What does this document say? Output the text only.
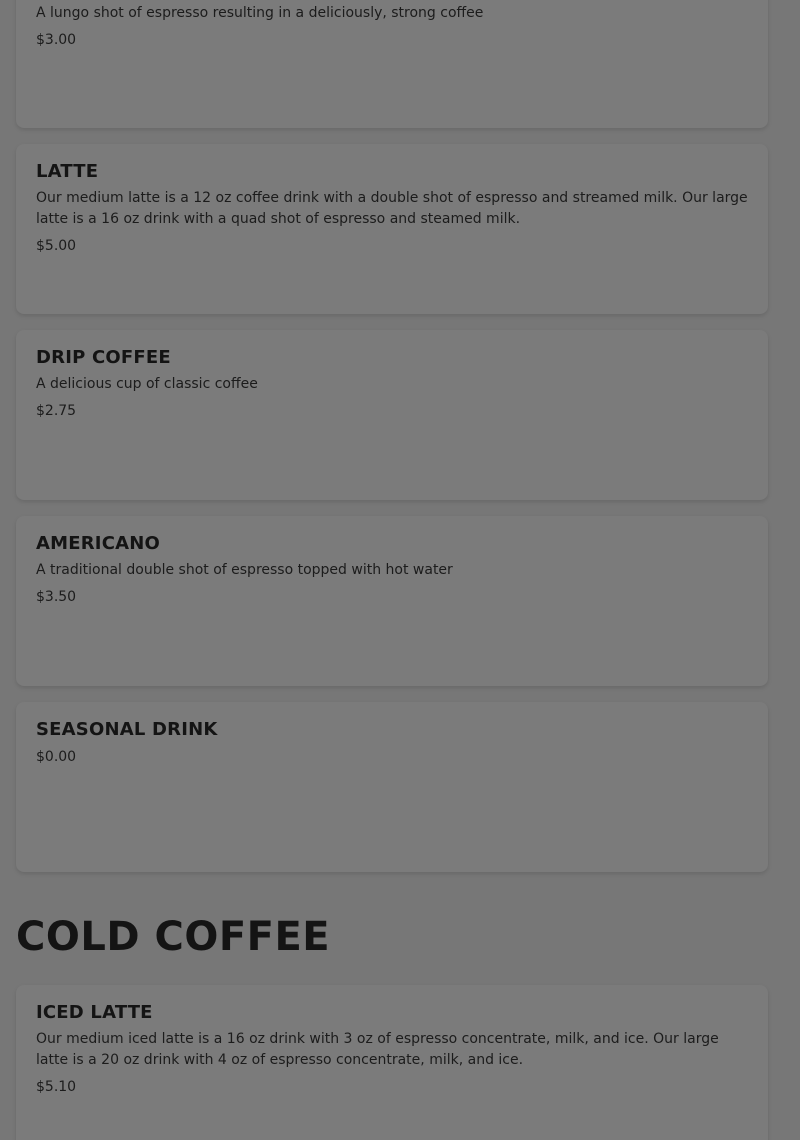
A lungo shot of espresso resulting in a deliciously, strong coffee

$3.00

LATTE

Our medium latte is a 12 oz coffee drink with a double shot of espresso and streamed milk. Our large latte is a 16 oz drink with a quad shot of espresso and steamed milk.

$5.00

DRIP COFFEE

A delicious cup of classic coffee

$2.75

AMERICANO

A traditional double shot of espresso topped with hot water

$3.50

SEASONAL DRINK

$0.00

COLD COFFEE
ICED LATTE

Our medium iced latte is a 16 oz drink with 3 oz of espresso concentrate, milk, and ice. Our large latte is a 20 oz drink with 4 oz of espresso concentrate, milk, and ice.

$5.10
